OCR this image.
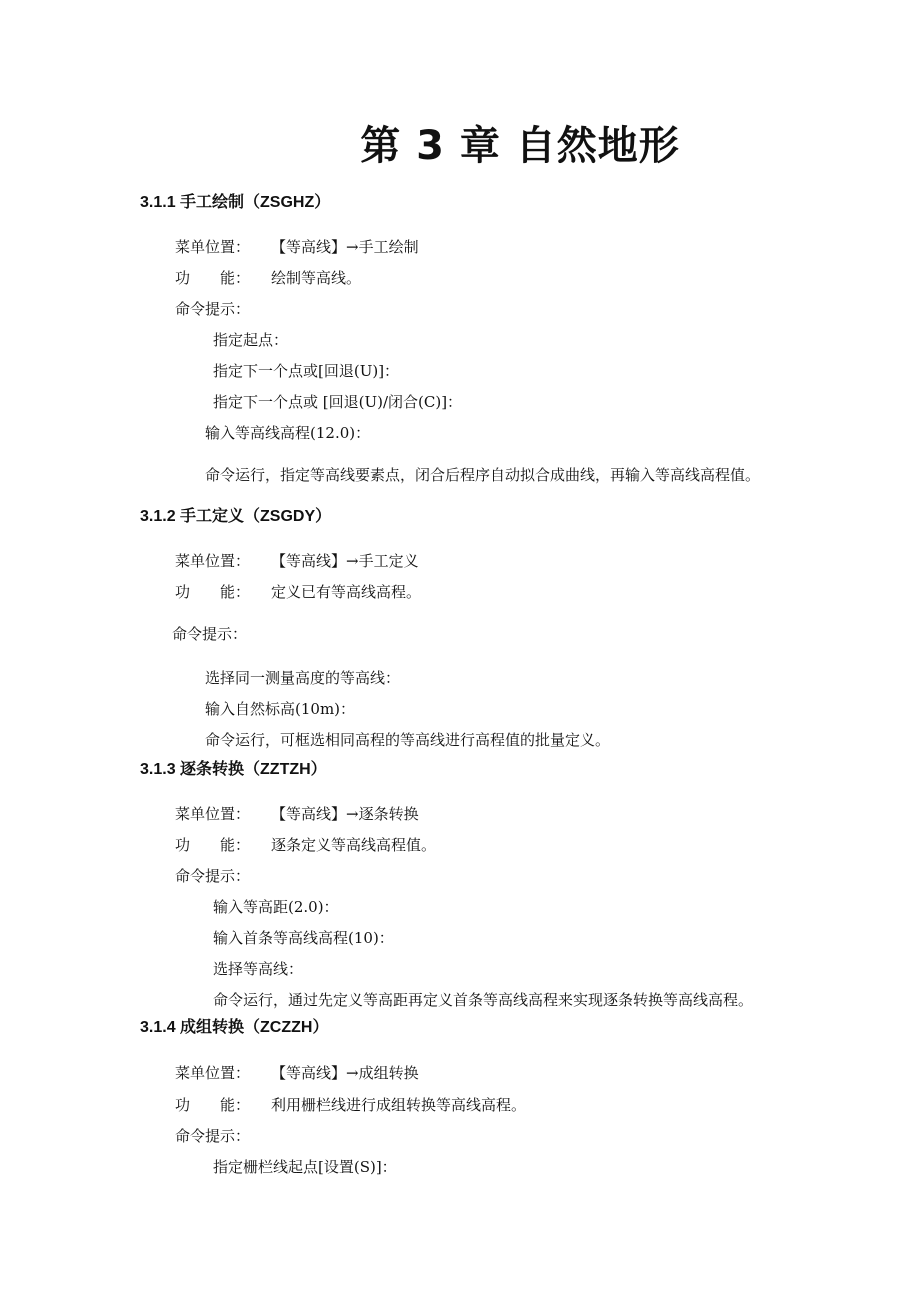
第 3 章 自然地形
3.1.1 手工绘制（ZSGHZ）
菜单位置： 【等高线】→手工绘制
功　　能： 绘制等高线。
命令提示：
指定起点：
指定下一个点或[回退(U)]：
指定下一个点或 [回退(U)/闭合(C)]：
输入等高线高程(12.0)：
命令运行，指定等高线要素点，闭合后程序自动拟合成曲线，再输入等高线高程值。
3.1.2 手工定义（ZSGDY）
菜单位置： 【等高线】→手工定义
功　　能： 定义已有等高线高程。
命令提示：
选择同一测量高度的等高线：
输入自然标高(10m)：
命令运行，可框选相同高程的等高线进行高程值的批量定义。
3.1.3 逐条转换（ZZTZH）
菜单位置： 【等高线】→逐条转换
功　　能： 逐条定义等高线高程值。
命令提示：
输入等高距(2.0)：
输入首条等高线高程(10)：
选择等高线：
命令运行，通过先定义等高距再定义首条等高线高程来实现逐条转换等高线高程。
3.1.4 成组转换（ZCZZH）
菜单位置： 【等高线】→成组转换
功　　能： 利用栅栏线进行成组转换等高线高程。
命令提示：
指定栅栏线起点[设置(S)]：
